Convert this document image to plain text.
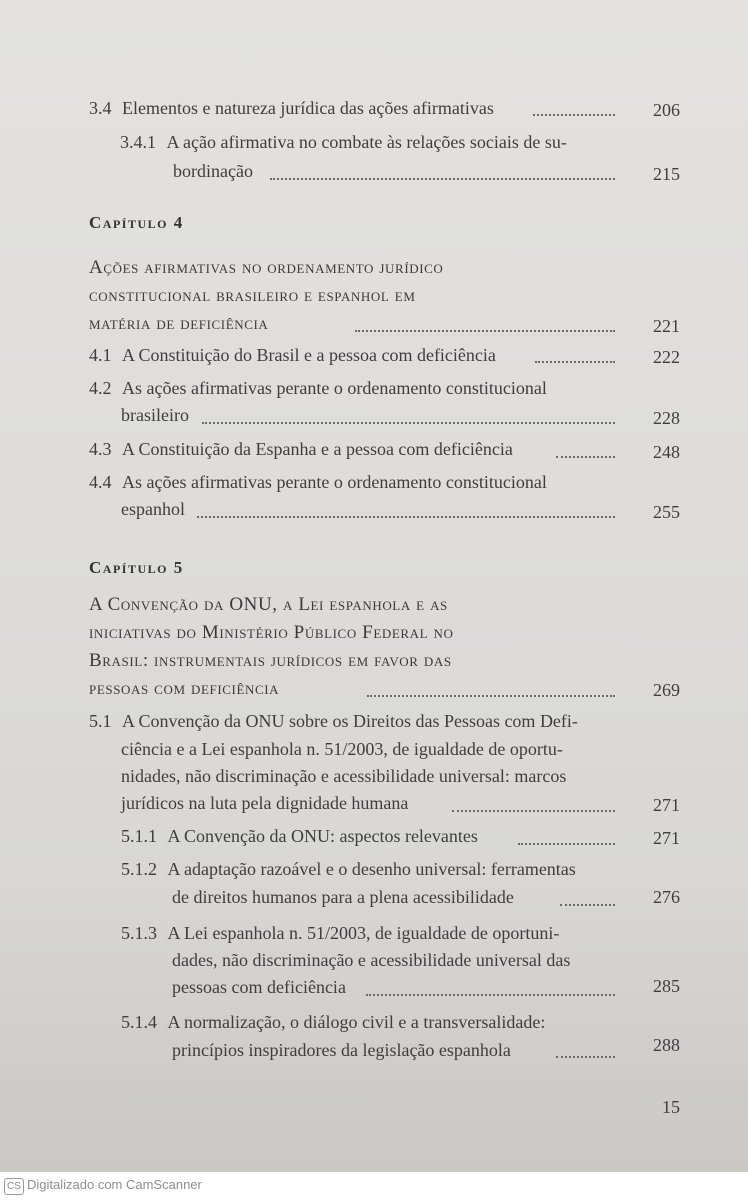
3.4 Elementos e natureza jurídica das ações afirmativas	206
3.4.1 A ação afirmativa no combate às relações sociais de su-
bordinação	215
Capítulo 4
Ações afirmativas no ordenamento jurídico
constitucional brasileiro e espanhol em
matéria de deficiência	221
4.1 A Constituição do Brasil e a pessoa com deficiência	222
4.2 As ações afirmativas perante o ordenamento constitucional
brasileiro	228
4.3 A Constituição da Espanha e a pessoa com deficiência	248
4.4 As ações afirmativas perante o ordenamento constitucional
espanhol	255
Capítulo 5
A Convenção da ONU, a Lei espanhola e as
iniciativas do Ministério Público Federal no
Brasil: instrumentais jurídicos em favor das
pessoas com deficiência	269
5.1 A Convenção da ONU sobre os Direitos das Pessoas com Defi-
ciência e a Lei espanhola n. 51/2003, de igualdade de oportu-
nidades, não discriminação e acessibilidade universal: marcos
jurídicos na luta pela dignidade humana	271
5.1.1 A Convenção da ONU: aspectos relevantes	271
5.1.2 A adaptação razoável e o desenho universal: ferramentas
de direitos humanos para a plena acessibilidade	276
5.1.3 A Lei espanhola n. 51/2003, de igualdade de oportuni-
dades, não discriminação e acessibilidade universal das
pessoas com deficiência	285
5.1.4 A normalização, o diálogo civil e a transversalidade:
princípios inspiradores da legislação espanhola	288
15
CS Digitalizado com CamScanner
